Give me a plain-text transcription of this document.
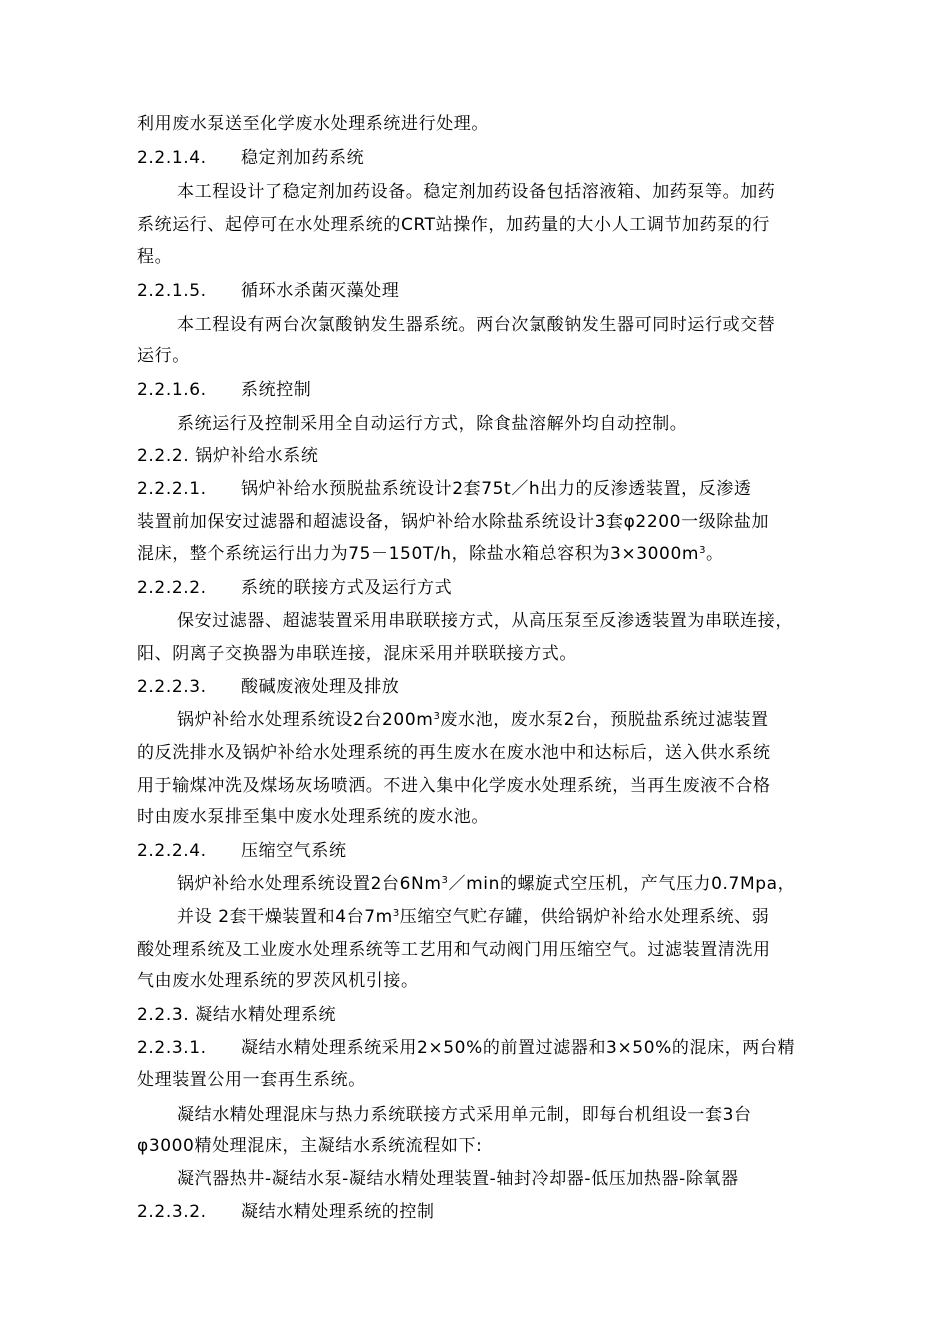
利用废水泵送至化学废水处理系统进行处理。
2.2.1.4. 稳定剂加药系统
本工程设计了稳定剂加药设备。稳定剂加药设备包括溶液箱、加药泵等。加药
系统运行、起停可在水处理系统的CRT站操作，加药量的大小人工调节加药泵的行
程。
2.2.1.5. 循环水杀菌灭藻处理
本工程设有两台次氯酸钠发生器系统。两台次氯酸钠发生器可同时运行或交替
运行。
2.2.1.6. 系统控制
系统运行及控制采用全自动运行方式，除食盐溶解外均自动控制。
2.2.2. 锅炉补给水系统
2.2.2.1. 锅炉补给水预脱盐系统设计2套75t／h出力的反渗透装置，反渗透
装置前加保安过滤器和超滤设备，锅炉补给水除盐系统设计3套φ2200一级除盐加
混床，整个系统运行出力为75－150T/h，除盐水箱总容积为$3\times 3000m^3$。
2.2.2.2. 系统的联接方式及运行方式
保安过滤器、超滤装置采用串联联接方式，从高压泵至反渗透装置为串联连接，
阳、阴离子交换器为串联连接，混床采用并联联接方式。
2.2.2.3. 酸碱废液处理及排放
锅炉补给水处理系统设2台$200m^3$废水池，废水泵2台，预脱盐系统过滤装置
的反洗排水及锅炉补给水处理系统的再生废水在废水池中和达标后，送入供水系统
用于输煤冲洗及煤场灰场喷洒。不进入集中化学废水处理系统，当再生废液不合格
时由废水泵排至集中废水处理系统的废水池。
2.2.2.4. 压缩空气系统
锅炉补给水处理系统设置2台6Nm$^3$／min的螺旋式空压机，产气压力0.7Mpa，
并设 2套干燥装置和4台$7m^3$压缩空气贮存罐，供给锅炉补给水处理系统、弱
酸处理系统及工业废水处理系统等工艺用和气动阀门用压缩空气。过滤装置清洗用
气由废水处理系统的罗茨风机引接。
2.2.3. 凝结水精处理系统
2.2.3.1. 凝结水精处理系统采用2×50%的前置过滤器和3×50%的混床，两台精
处理装置公用一套再生系统。
凝结水精处理混床与热力系统联接方式采用单元制，即每台机组设一套3台
φ3000精处理混床，主凝结水系统流程如下:
凝汽器热井-凝结水泵-凝结水精处理装置-轴封冷却器-低压加热器-除氧器
2.2.3.2. 凝结水精处理系统的控制
